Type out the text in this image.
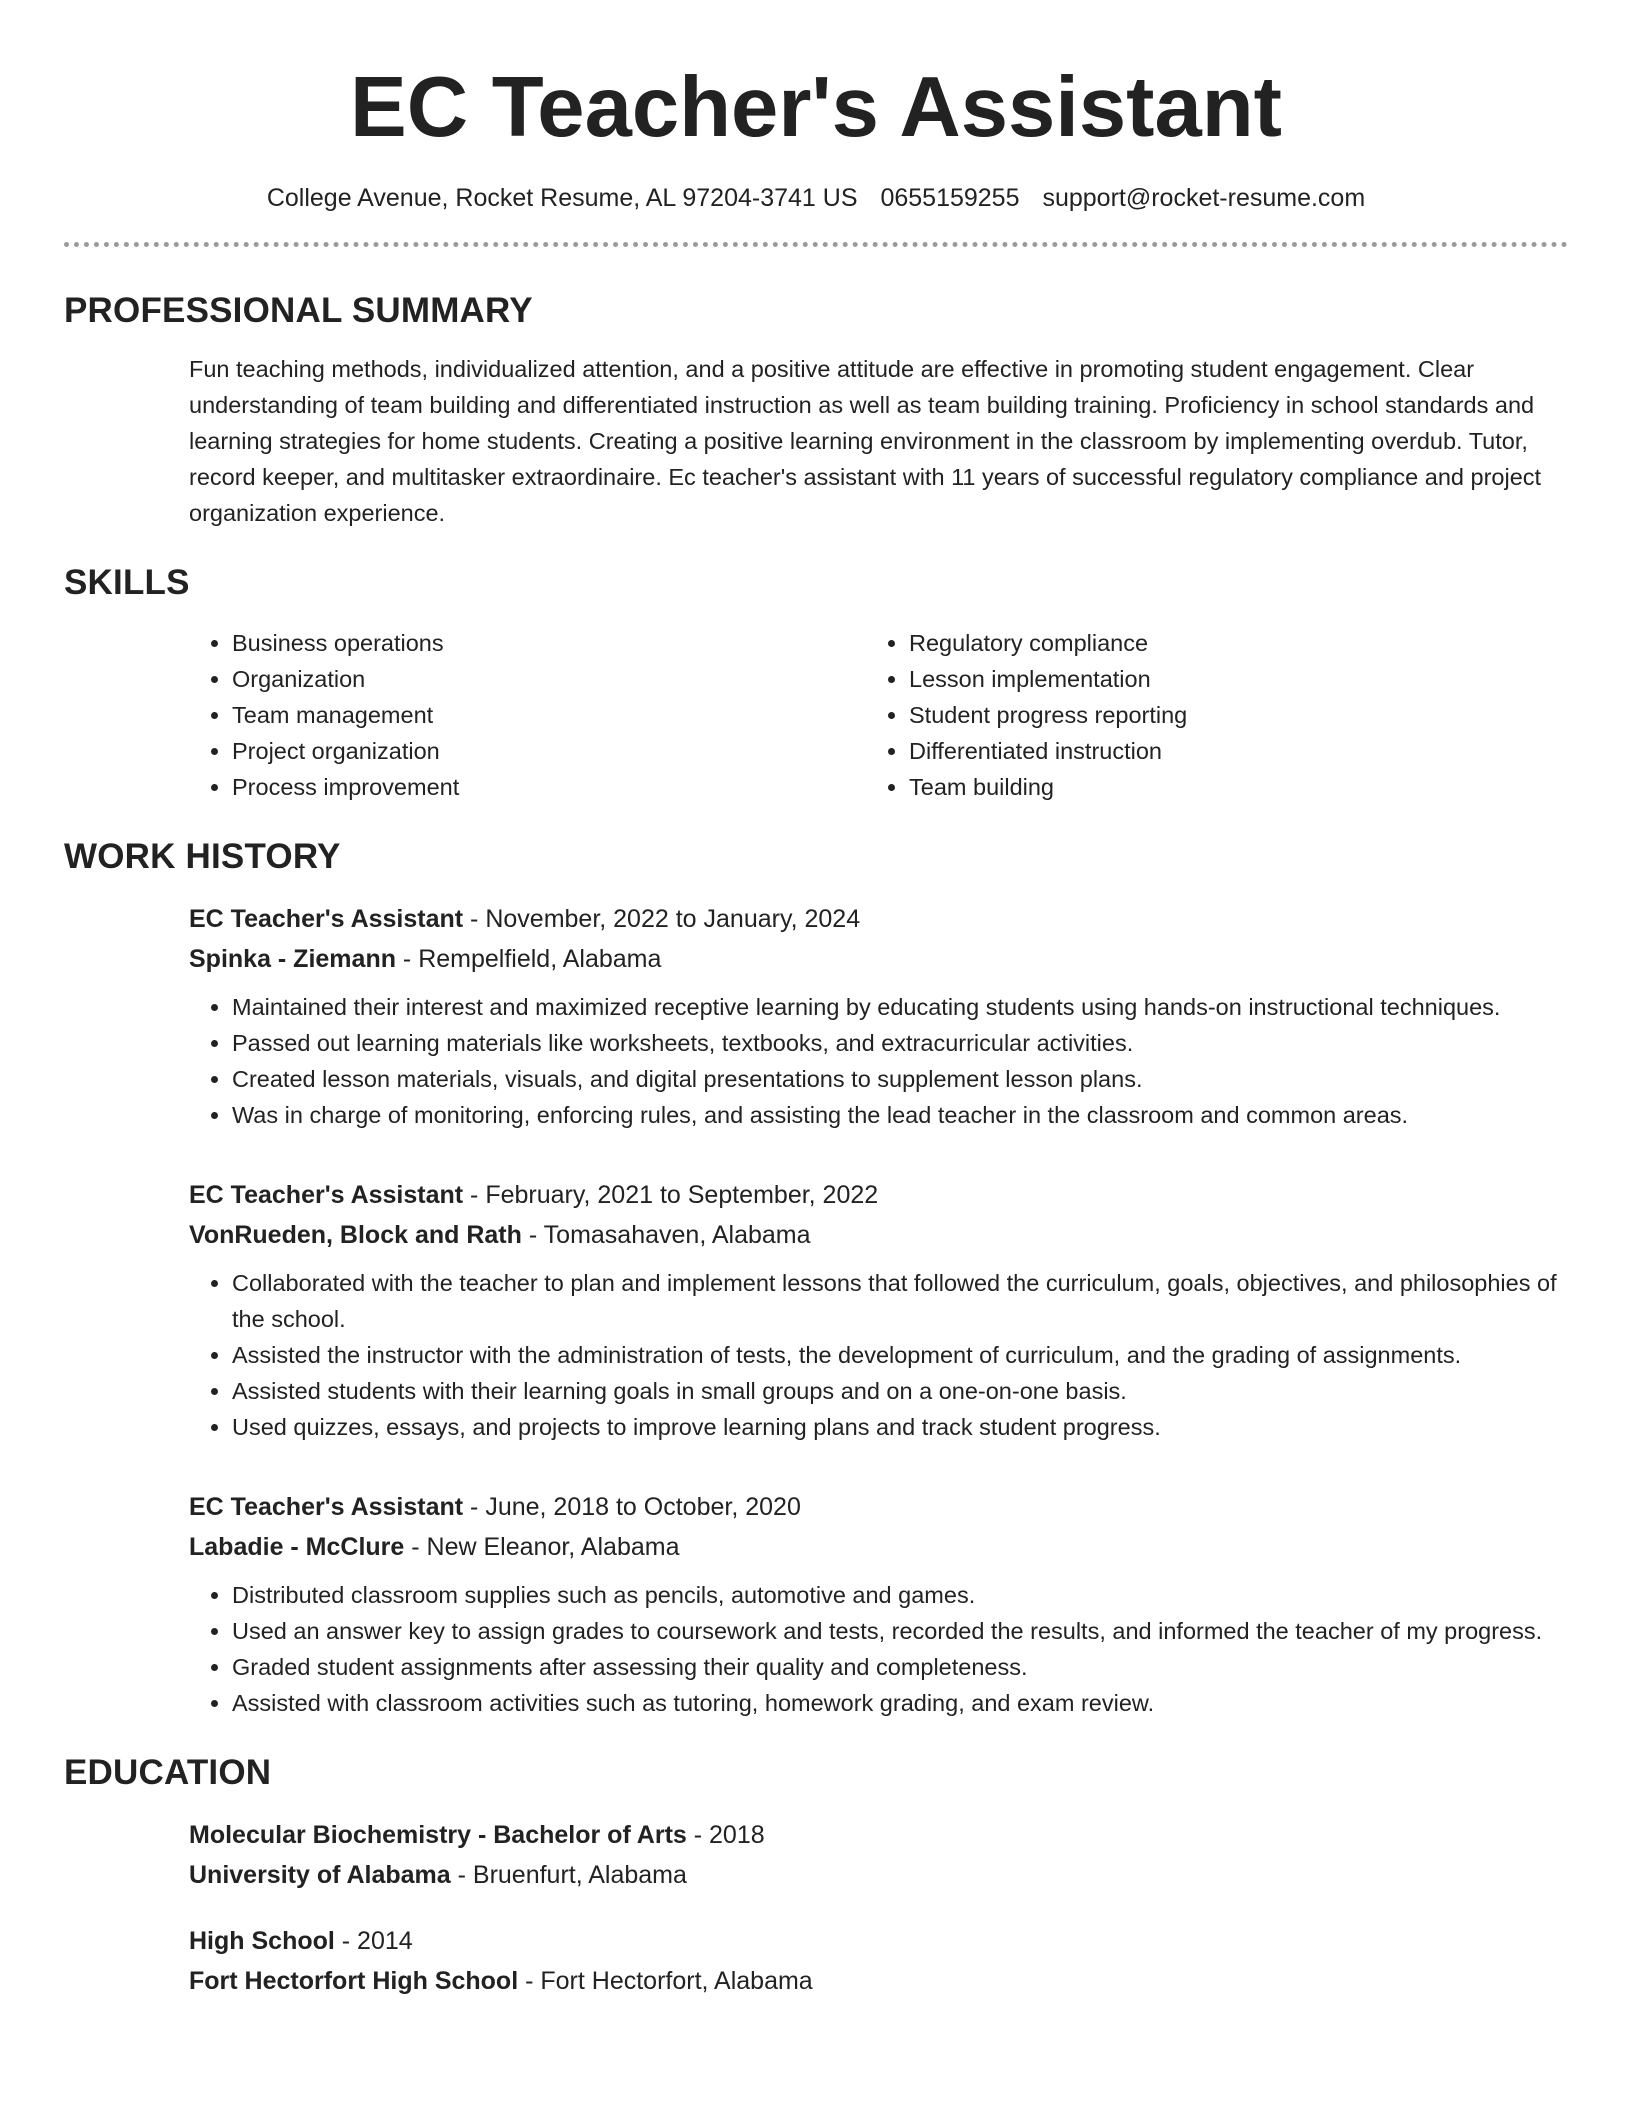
EC Teacher's Assistant
College Avenue, Rocket Resume, AL 97204-3741 US 0655159255 support@rocket-resume.com
PROFESSIONAL SUMMARY
Fun teaching methods, individualized attention, and a positive attitude are effective in promoting student engagement. Clear understanding of team building and differentiated instruction as well as team building training. Proficiency in school standards and learning strategies for home students. Creating a positive learning environment in the classroom by implementing overdub. Tutor, record keeper, and multitasker extraordinaire. Ec teacher's assistant with 11 years of successful regulatory compliance and project organization experience.
SKILLS
• Business operations
• Organization
• Team management
• Project organization
• Process improvement
• Regulatory compliance
• Lesson implementation
• Student progress reporting
• Differentiated instruction
• Team building
WORK HISTORY
EC Teacher's Assistant - November, 2022 to January, 2024
Spinka - Ziemann - Rempelfield, Alabama
• Maintained their interest and maximized receptive learning by educating students using hands-on instructional techniques.
• Passed out learning materials like worksheets, textbooks, and extracurricular activities.
• Created lesson materials, visuals, and digital presentations to supplement lesson plans.
• Was in charge of monitoring, enforcing rules, and assisting the lead teacher in the classroom and common areas.
EC Teacher's Assistant - February, 2021 to September, 2022
VonRueden, Block and Rath - Tomasahaven, Alabama
• Collaborated with the teacher to plan and implement lessons that followed the curriculum, goals, objectives, and philosophies of the school.
• Assisted the instructor with the administration of tests, the development of curriculum, and the grading of assignments.
• Assisted students with their learning goals in small groups and on a one-on-one basis.
• Used quizzes, essays, and projects to improve learning plans and track student progress.
EC Teacher's Assistant - June, 2018 to October, 2020
Labadie - McClure - New Eleanor, Alabama
• Distributed classroom supplies such as pencils, automotive and games.
• Used an answer key to assign grades to coursework and tests, recorded the results, and informed the teacher of my progress.
• Graded student assignments after assessing their quality and completeness.
• Assisted with classroom activities such as tutoring, homework grading, and exam review.
EDUCATION
Molecular Biochemistry - Bachelor of Arts - 2018
University of Alabama - Bruenfurt, Alabama
High School - 2014
Fort Hectorfort High School - Fort Hectorfort, Alabama
